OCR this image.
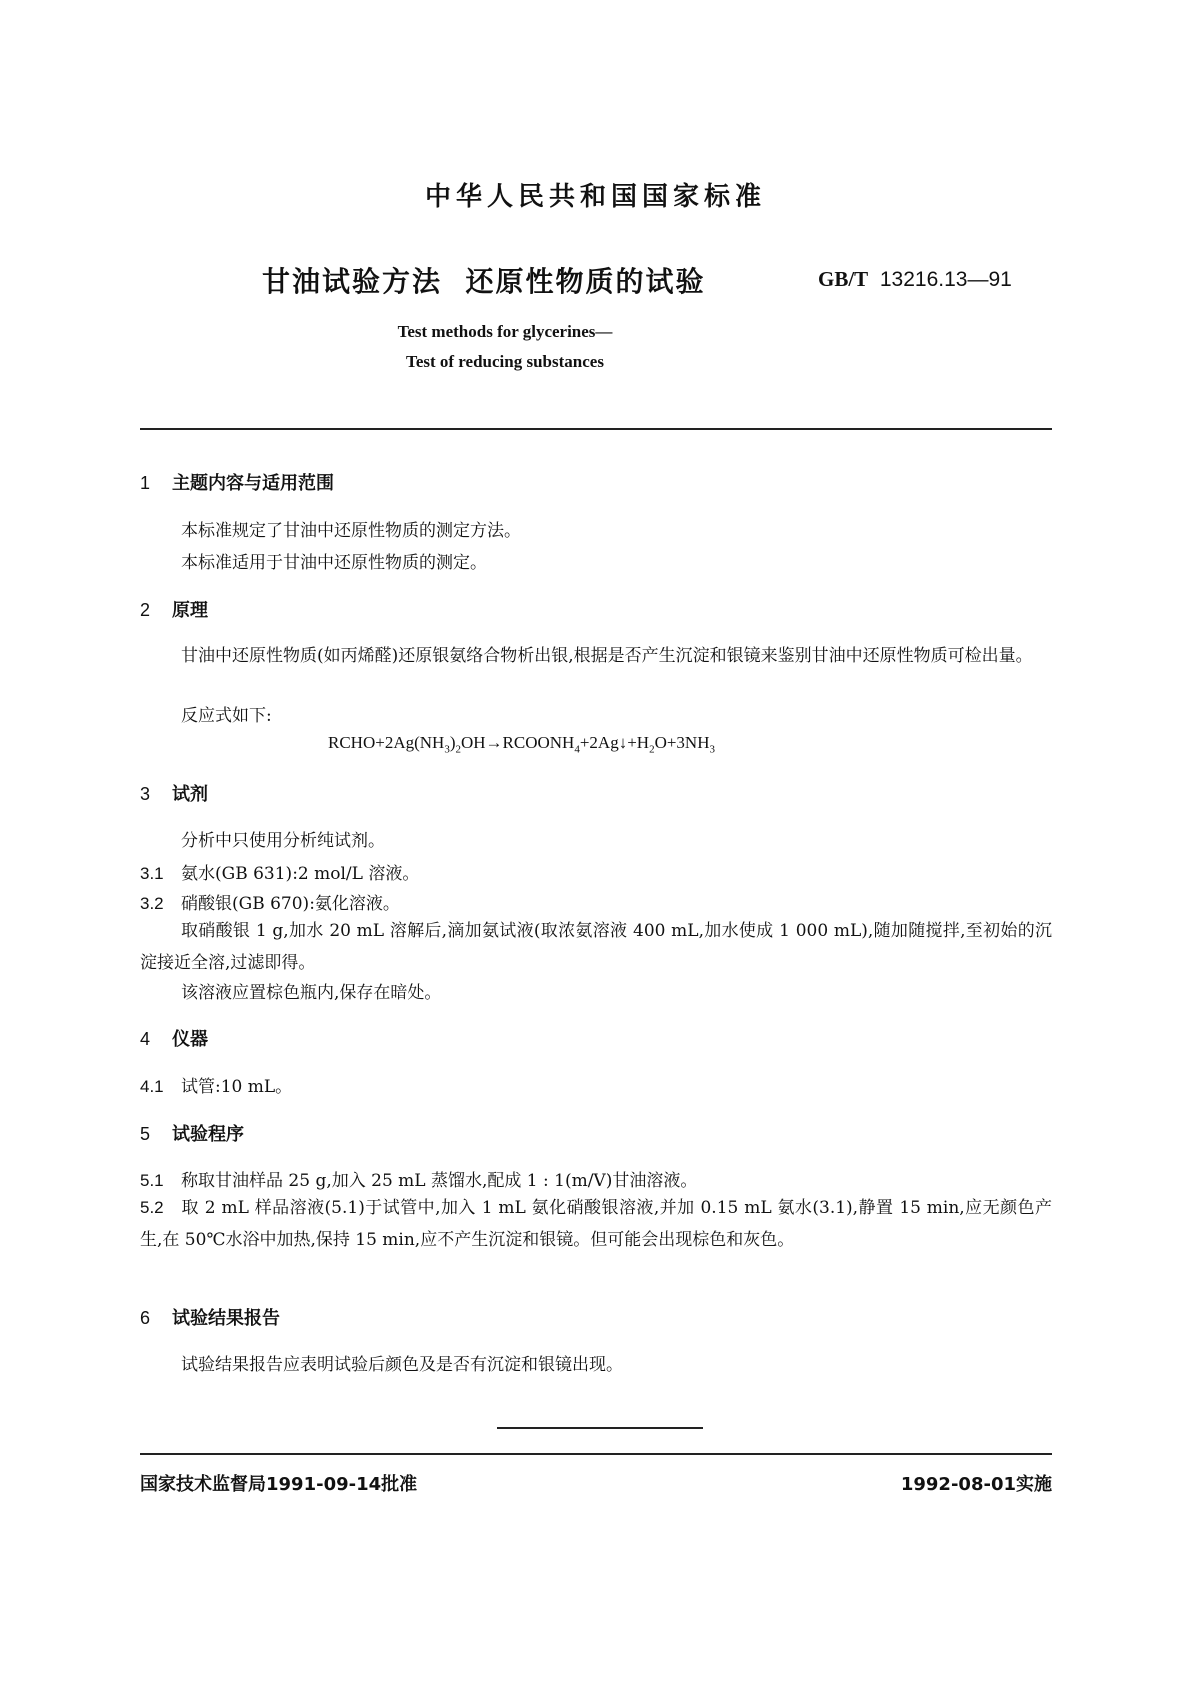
中华人民共和国国家标准
甘油试验方法  还原性物质的试验	GB/T 13216.13—91
Test methods for glycerines—
Test of reducing substances
1 主题内容与适用范围
本标准规定了甘油中还原性物质的测定方法。
本标准适用于甘油中还原性物质的测定。
2 原理
甘油中还原性物质(如丙烯醛)还原银氨络合物析出银,根据是否产生沉淀和银镜来鉴别甘油中还原性物质可检出量。
反应式如下:
$RCHO+2Ag(NH_3)_2OH\to RCOONH_4+2Ag↓+H_2O+3NH_3$
3 试剂
分析中只使用分析纯试剂。
3.1 氨水(GB 631):2 mol/L 溶液。
3.2 硝酸银(GB 670):氨化溶液。
取硝酸银 1 g,加水 20 mL 溶解后,滴加氨试液(取浓氨溶液 400 mL,加水使成 1 000 mL),随加随搅拌,至初始的沉淀接近全溶,过滤即得。
该溶液应置棕色瓶内,保存在暗处。
4 仪器
4.1 试管:10 mL。
5 试验程序
5.1 称取甘油样品 25 g,加入 25 mL 蒸馏水,配成 1 : 1(m/V)甘油溶液。
5.2 取 2 mL 样品溶液(5.1)于试管中,加入 1 mL 氨化硝酸银溶液,并加 0.15 mL 氨水(3.1),静置 15 min,应无颜色产生,在 50℃水浴中加热,保持 15 min,应不产生沉淀和银镜。但可能会出现棕色和灰色。
6 试验结果报告
试验结果报告应表明试验后颜色及是否有沉淀和银镜出现。
国家技术监督局1991-09-14批准	1992-08-01实施
